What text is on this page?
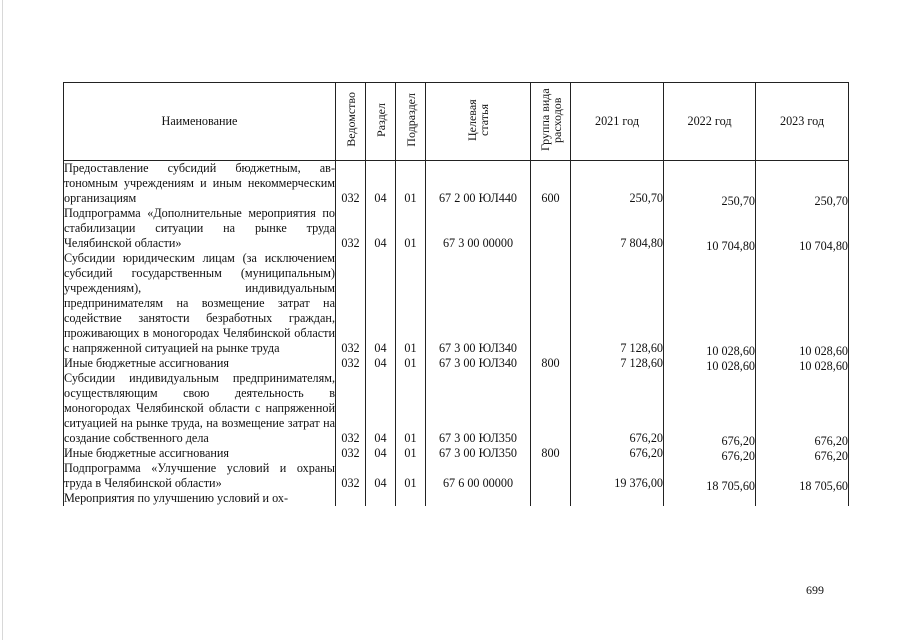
Наименование	Ведомство	Раздел	Подраздел	Целевая статья	Группа вида расходов	2021 год	2022 год	2023 год
Предоставление субсидий бюджетным, автономным учреждениям и иным некоммерческим организациям	032	04	01	67 2 00 ЮЛ440	600	250,70	250,70	250,70
Подпрограмма «Дополнительные мероприятия по стабилизации ситуации на рынке труда Челябинской области»	032	04	01	67 3 00 00000		7 804,80	10 704,80	10 704,80
Субсидии юридическим лицам (за исключением субсидий государственным (муниципальным) учреждениям), индивидуальным предпринимателям на возмещение затрат на содействие занятости безработных граждан, проживающих в моногородах Челябинской области с напряженной ситуацией на рынке труда	032	04	01	67 3 00 ЮЛ340		7 128,60	10 028,60	10 028,60
Иные бюджетные ассигнования	032	04	01	67 3 00 ЮЛ340	800	7 128,60	10 028,60	10 028,60
Субсидии индивидуальным предпринимателям, осуществляющим свою деятельность в моногородах Челябинской области с напряженной ситуацией на рынке труда, на возмещение затрат на создание собственного дела	032	04	01	67 3 00 ЮЛ350		676,20	676,20	676,20
Иные бюджетные ассигнования	032	04	01	67 3 00 ЮЛ350	800	676,20	676,20	676,20
Подпрограмма «Улучшение условий и охраны труда в Челябинской области»	032	04	01	67 6 00 00000		19 376,00	18 705,60	18 705,60
Мероприятия по улучшению условий и ох-								
699
